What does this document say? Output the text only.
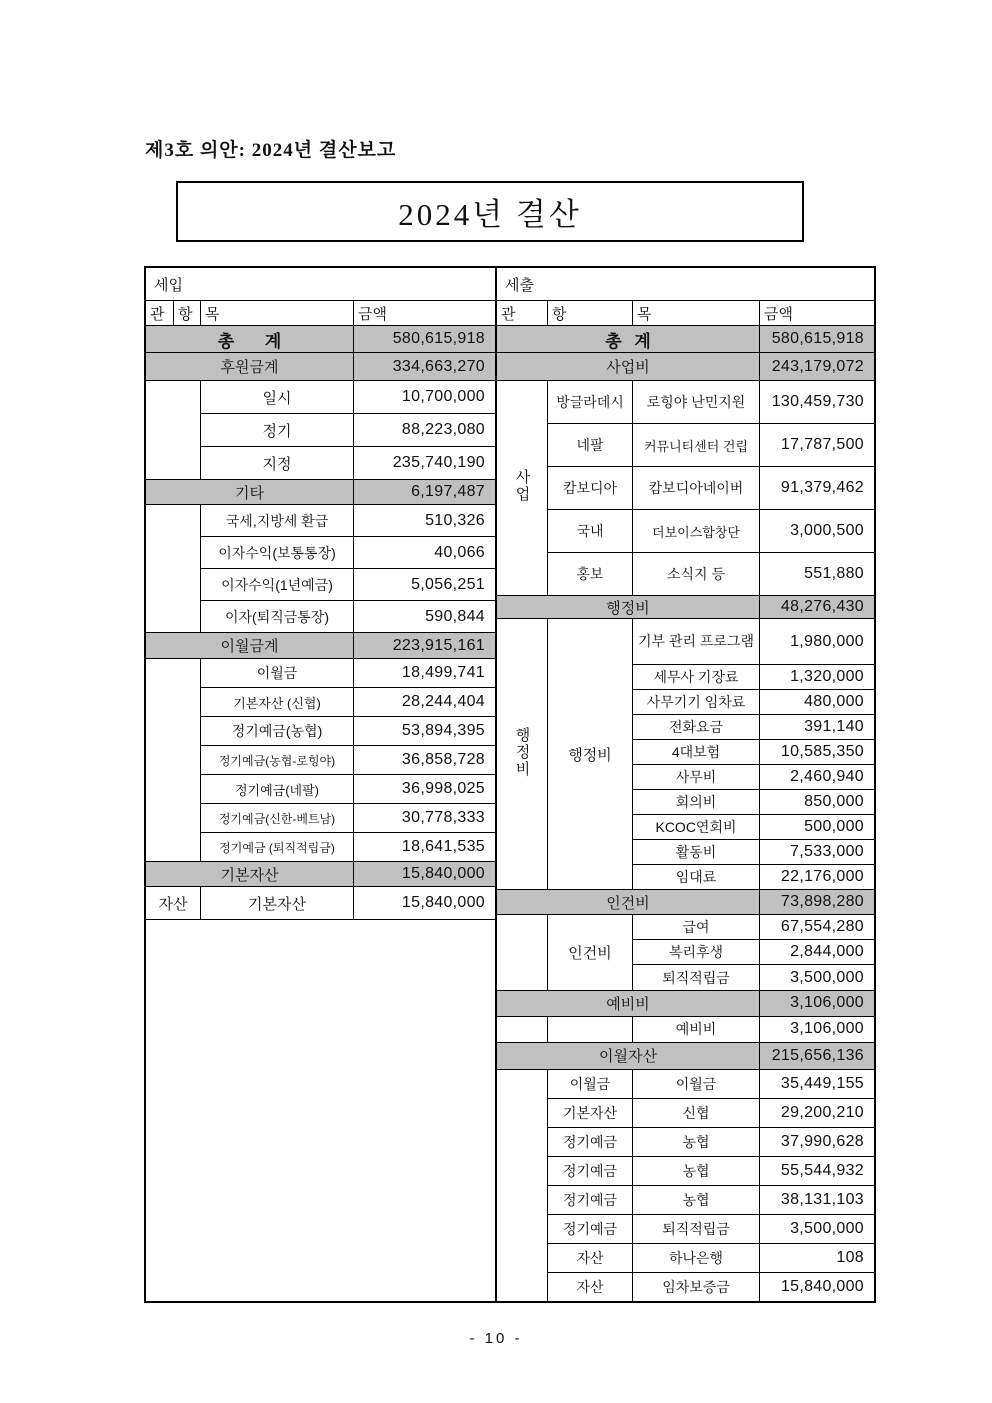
제3호 의안: 2024년 결산보고
2024년 결산
세입			
관	항	목	금액
총 계			580,615,918
후원금계			334,663,270
		일시	10,700,000
		정기	88,223,080
		지정	235,740,190
기타			6,197,487
		국세,지방세 환급	510,326
		이자수익(보통통장)	40,066
		이자수익(1년예금)	5,056,251
		이자(퇴직금통장)	590,844
이월금계			223,915,161
		이월금	18,499,741
		기본자산 (신협)	28,244,404
		정기예금(농협)	53,894,395
		정기예금(농협-로힝야)	36,858,728
		정기예금(네팔)	36,998,025
		정기예금(신한-베트남)	30,778,333
		정기예금 (퇴직적립금)	18,641,535
기본자산			15,840,000
자산		기본자산	15,840,000

세출			
관	항	목	금액
총 계			580,615,918
사업비			243,179,072
사업	방글라데시	로힝야 난민지원	130,459,730
	네팔	커뮤니티센터 건립	17,787,500
	캄보디아	캄보디아네이버	91,379,462
	국내	더보이스합창단	3,000,500
	홍보	소식지 등	551,880
행정비			48,276,430
행정비	행정비	기부 관리 프로그램	1,980,000
		세무사 기장료	1,320,000
		사무기기 임차료	480,000
		전화요금	391,140
		4대보험	10,585,350
		사무비	2,460,940
		회의비	850,000
		KCOC연회비	500,000
		활동비	7,533,000
		임대료	22,176,000
인건비			73,898,280
	인건비	급여	67,554,280
		복리후생	2,844,000
		퇴직적립금	3,500,000
예비비			3,106,000
		예비비	3,106,000
이월자산			215,656,136
	이월금	이월금	35,449,155
	기본자산	신협	29,200,210
	정기예금	농협	37,990,628
	정기예금	농협	55,544,932
	정기예금	농협	38,131,103
	정기예금	퇴직적립금	3,500,000
	자산	하나은행	108
	자산	임차보증금	15,840,000
- 10 -
